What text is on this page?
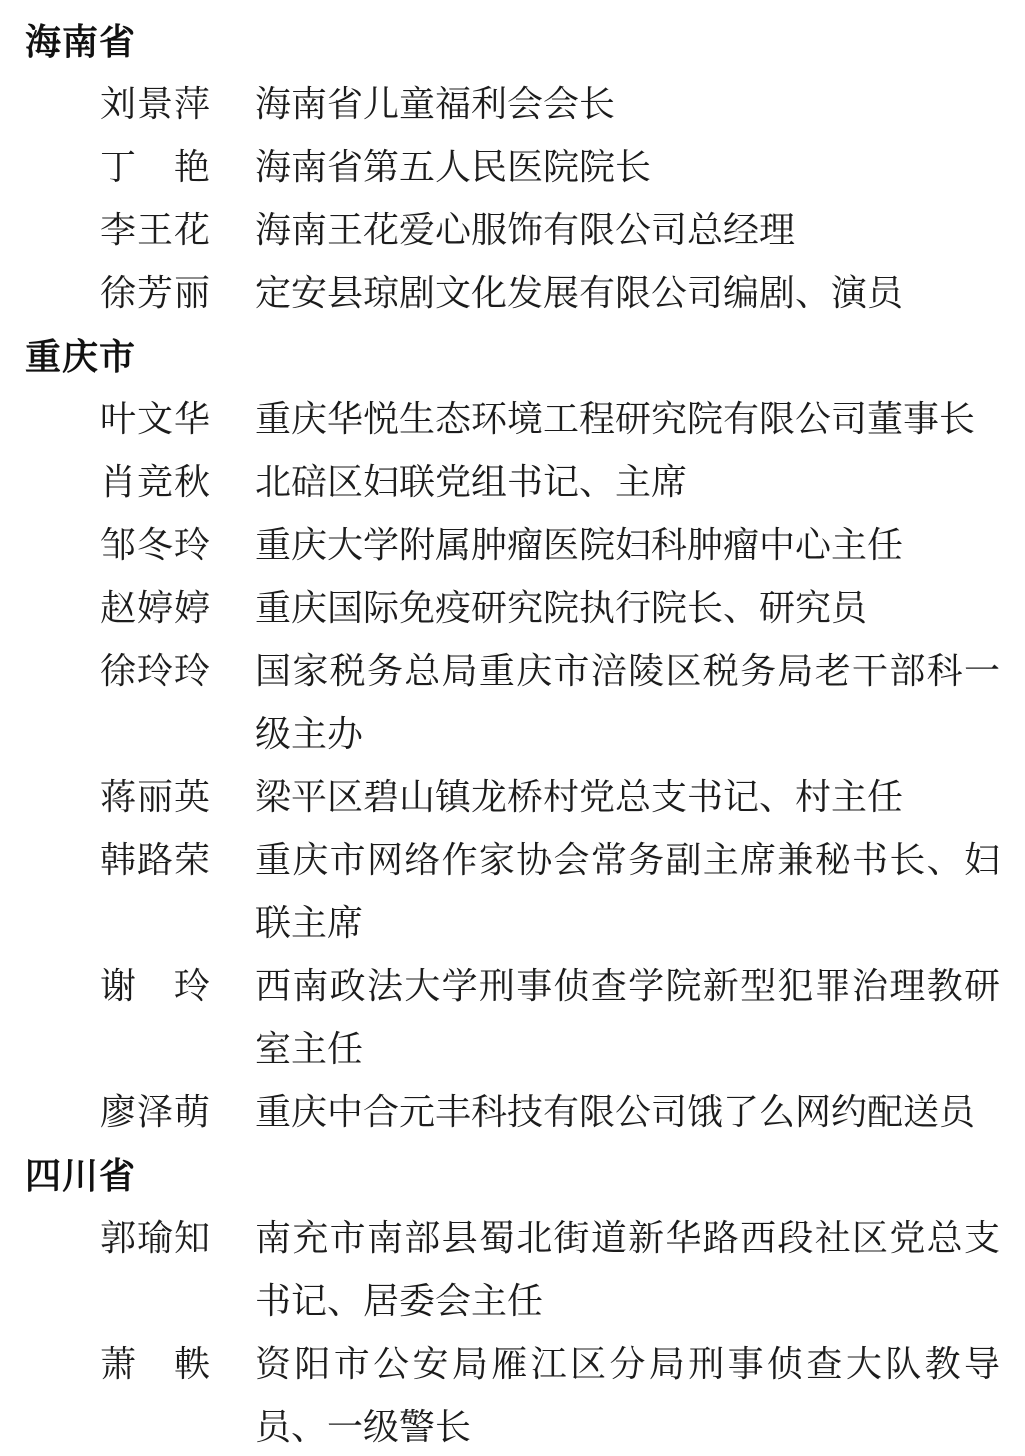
海南省
刘景萍 海南省儿童福利会会长
丁艳 海南省第五人民医院院长
李王花 海南王花爱心服饰有限公司总经理
徐芳丽 定安县琼剧文化发展有限公司编剧、演员
重庆市
叶文华 重庆华悦生态环境工程研究院有限公司董事长
肖竞秋 北碚区妇联党组书记、主席
邹冬玲 重庆大学附属肿瘤医院妇科肿瘤中心主任
赵婷婷 重庆国际免疫研究院执行院长、研究员
徐玲玲 国家税务总局重庆市涪陵区税务局老干部科一级主办
蒋丽英 梁平区碧山镇龙桥村党总支书记、村主任
韩路荣 重庆市网络作家协会常务副主席兼秘书长、妇联主席
谢玲 西南政法大学刑事侦查学院新型犯罪治理教研室主任
廖泽萌 重庆中合元丰科技有限公司饿了么网约配送员
四川省
郭瑜知 南充市南部县蜀北街道新华路西段社区党总支书记、居委会主任
萧軼 资阳市公安局雁江区分局刑事侦查大队教导员、一级警长
